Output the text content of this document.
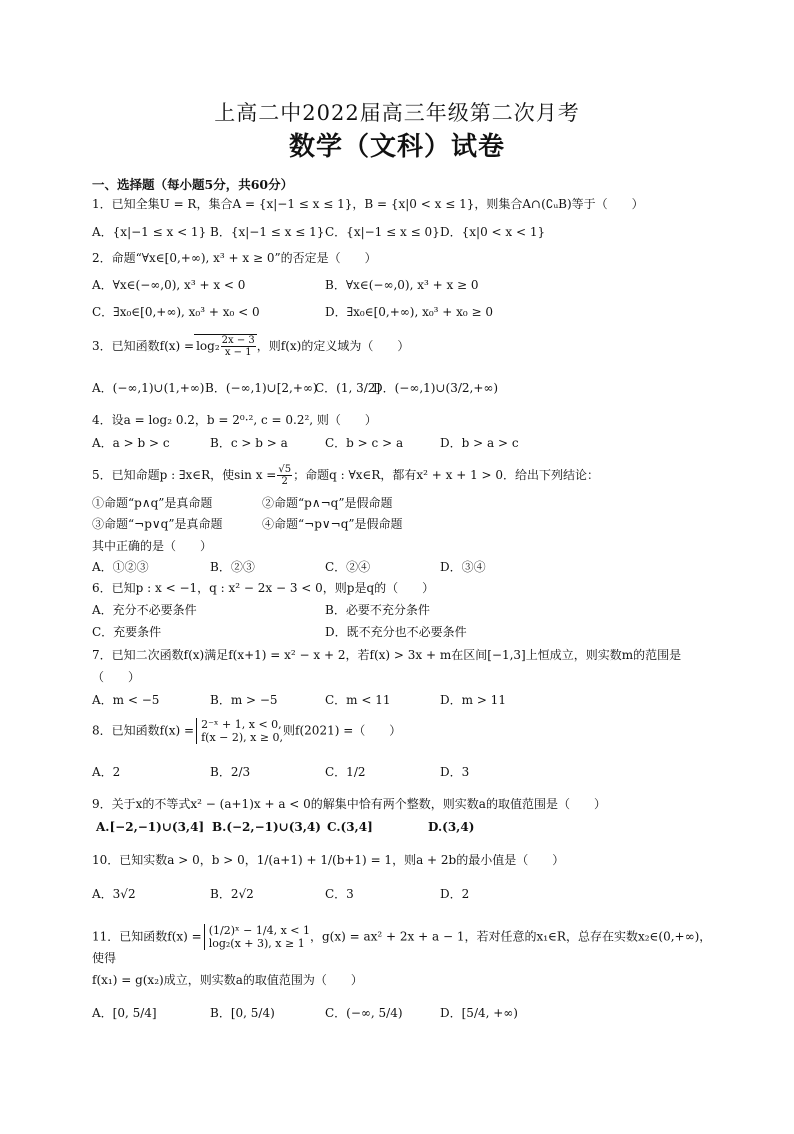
上高二中2022届高三年级第二次月考
数学（文科）试卷
一、选择题（每小题5分，共60分）
1．已知全集U = R，集合A = {x|−1 ≤ x ≤ 1}，B = {x|0 < x ≤ 1}，则集合A∩(∁ᵤB)等于（　　）
A．{x|−1 ≤ x < 1} B．{x|−1 ≤ x ≤ 1} C．{x|−1 ≤ x ≤ 0} D．{x|0 < x < 1}
2．命题“∀x∈[0,+∞), x³ + x ≥ 0”的否定是（　　）
A．∀x∈(−∞,0), x³ + x < 0	B．∀x∈(−∞,0), x³ + x ≥ 0
C．∃x₀∈[0,+∞), x₀³ + x₀ < 0	D．∃x₀∈[0,+∞), x₀³ + x₀ ≥ 0
3．已知函数$f(x) = \log_2 \frac{2x - 3}{x - 1}$ ，则f(x)的定义域为（　　）
A．(−∞,1)∪(1,+∞) B．(−∞,1)∪[2,+∞)
C．(1, 3/2]
D．(−∞,1)∪(3/2,+∞)
4．设a = log₂ 0.2，b = 2⁰·², c = 0.2², 则（　　）
A．a > b > c	B．c > b > a	C．b > c > a	D．b > a > c
5．已知命题p : ∃x∈R，使$\sin x = \frac{√5}{2}$ ；命题q : ∀x∈R，都有x² + x + 1 > 0．给出下列结论：
①命题“p∧q”是真命题	②命题“p∧¬q”是假命题
③命题“¬p∨q”是真命题	④命题“¬p∨¬q”是假命题
其中正确的是（　　）
A．①②③	B．②③	C．②④	D．③④
6．已知p : x < −1，q : x² − 2x − 3 < 0，则p是q的（　　）
A．充分不必要条件	B．必要不充分条件
C．充要条件	D．既不充分也不必要条件
7．已知二次函数f(x)满足f(x+1) = x² − x + 2，若f(x) > 3x + m在区间[−1,3]上恒成立，则实数m的范围是
（　　）
A．m < −5	B．m > −5	C．m < 11	D．m > 11
8．已知函数f(x) = 2⁻ˣ + 1, x < 0,
f(x − 2), x ≥ 0, 则f(2021) =（　　）
A．2	B．2/3	C．1/2	D．3
9．关于x的不等式x² − (a+1)x + a < 0的解集中恰有两个整数，则实数a的取值范围是（　　）
A.[−2,−1)∪(3,4] B.(−2,−1)∪(3,4) C.(3,4]	D.(3,4)
10．已知实数a > 0，b > 0，1/(a+1) + 1/(b+1) = 1，则a + 2b的最小值是（　　）
A．3√2	B．2√2	C．3	D．2
11．已知函数f(x) = (1/2)ˣ − 1/4, x < 1
log₂(x + 3), x ≥ 1 ，g(x) = ax² + 2x + a − 1，若对任意的x₁∈R，总存在实数x₂∈(0,+∞)，使得
f(x₁) = g(x₂)成立，则实数a的取值范围为（　　）
A．[0, 5/4]	B．[0, 5/4)	C．(−∞, 5/4)	D．[5/4, +∞)
